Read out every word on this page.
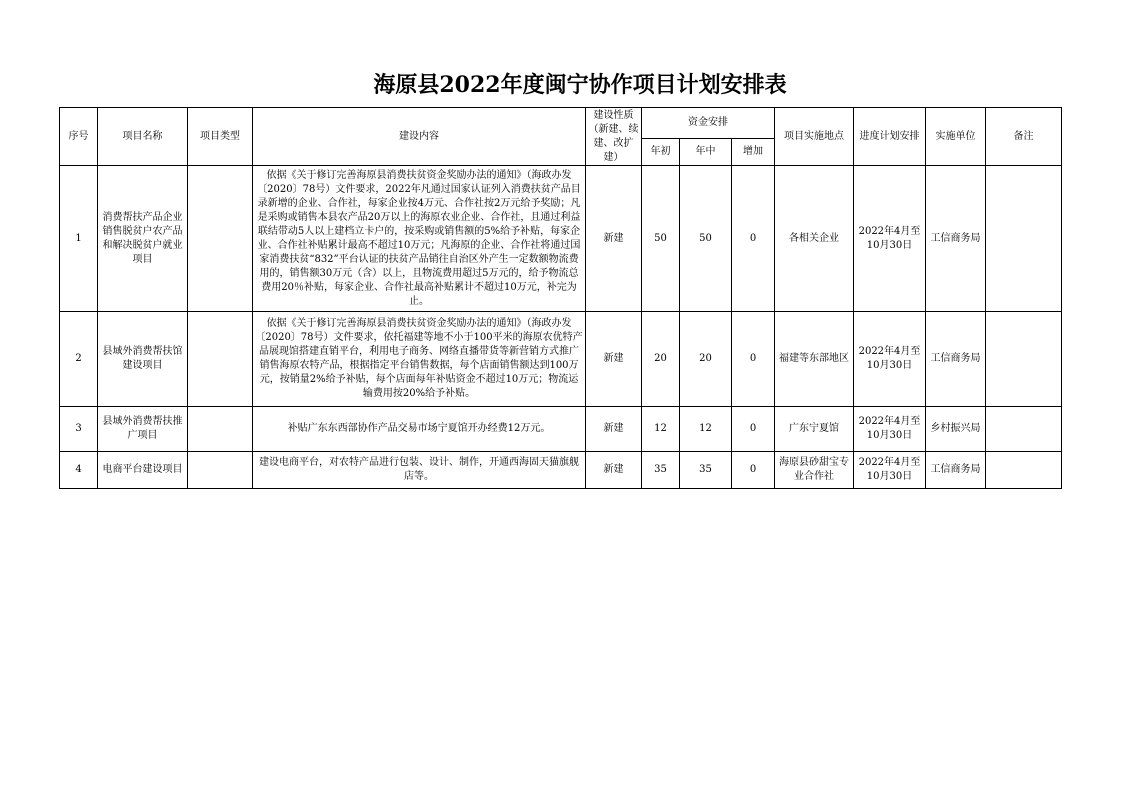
海原县2022年度闽宁协作项目计划安排表
序号	项目名称	项目类型	建设内容	建设性质（新建、续建、改扩建）	资金安排			项目实施地点	进度计划安排	实施单位	备注
					年初	年中	增加				
1	消费帮扶产品企业销售脱贫户农产品和解决脱贫户就业项目		依据《关于修订完善海原县消费扶贫资金奖励办法的通知》（海政办发〔2020〕78号）文件要求，2022年凡通过国家认证列入消费扶贫产品目录新增的企业、合作社，每家企业按4万元、合作社按2万元给予奖励；凡是采购或销售本县农产品20万以上的海原农业企业、合作社，且通过利益联结带动5人以上建档立卡户的，按采购或销售额的5%给予补贴，每家企业、合作社补贴累计最高不超过10万元；凡海原的企业、合作社将通过国家消费扶贫“832”平台认证的扶贫产品销往自治区外产生一定数额物流费用的，销售额30万元（含）以上，且物流费用超过5万元的，给予物流总费用20％补贴，每家企业、合作社最高补贴累计不超过10万元，补完为止。	新建	50	50	0	各相关企业	2022年4月至10月30日	工信商务局	
2	县域外消费帮扶馆建设项目		依据《关于修订完善海原县消费扶贫资金奖励办法的通知》（海政办发〔2020〕78号）文件要求，依托福建等地不小于100平米的海原农优特产品展现馆搭建直销平台，利用电子商务、网络直播带货等新营销方式推广销售海原农特产品，根据指定平台销售数据，每个店面销售额达到100万元，按销量2%给予补贴，每个店面每年补贴资金不超过10万元；物流运输费用按20%给予补贴。	新建	20	20	0	福建等东部地区	2022年4月至10月30日	工信商务局	
3	县域外消费帮扶推广项目		补贴广东东西部协作产品交易市场宁夏馆开办经费12万元。	新建	12	12	0	广东宁夏馆	2022年4月至10月30日	乡村振兴局	
4	电商平台建设项目		建设电商平台，对农特产品进行包装、设计、制作，开通西海固天猫旗舰店等。	新建	35	35	0	海原县砂甜宝专业合作社	2022年4月至10月30日	工信商务局	
